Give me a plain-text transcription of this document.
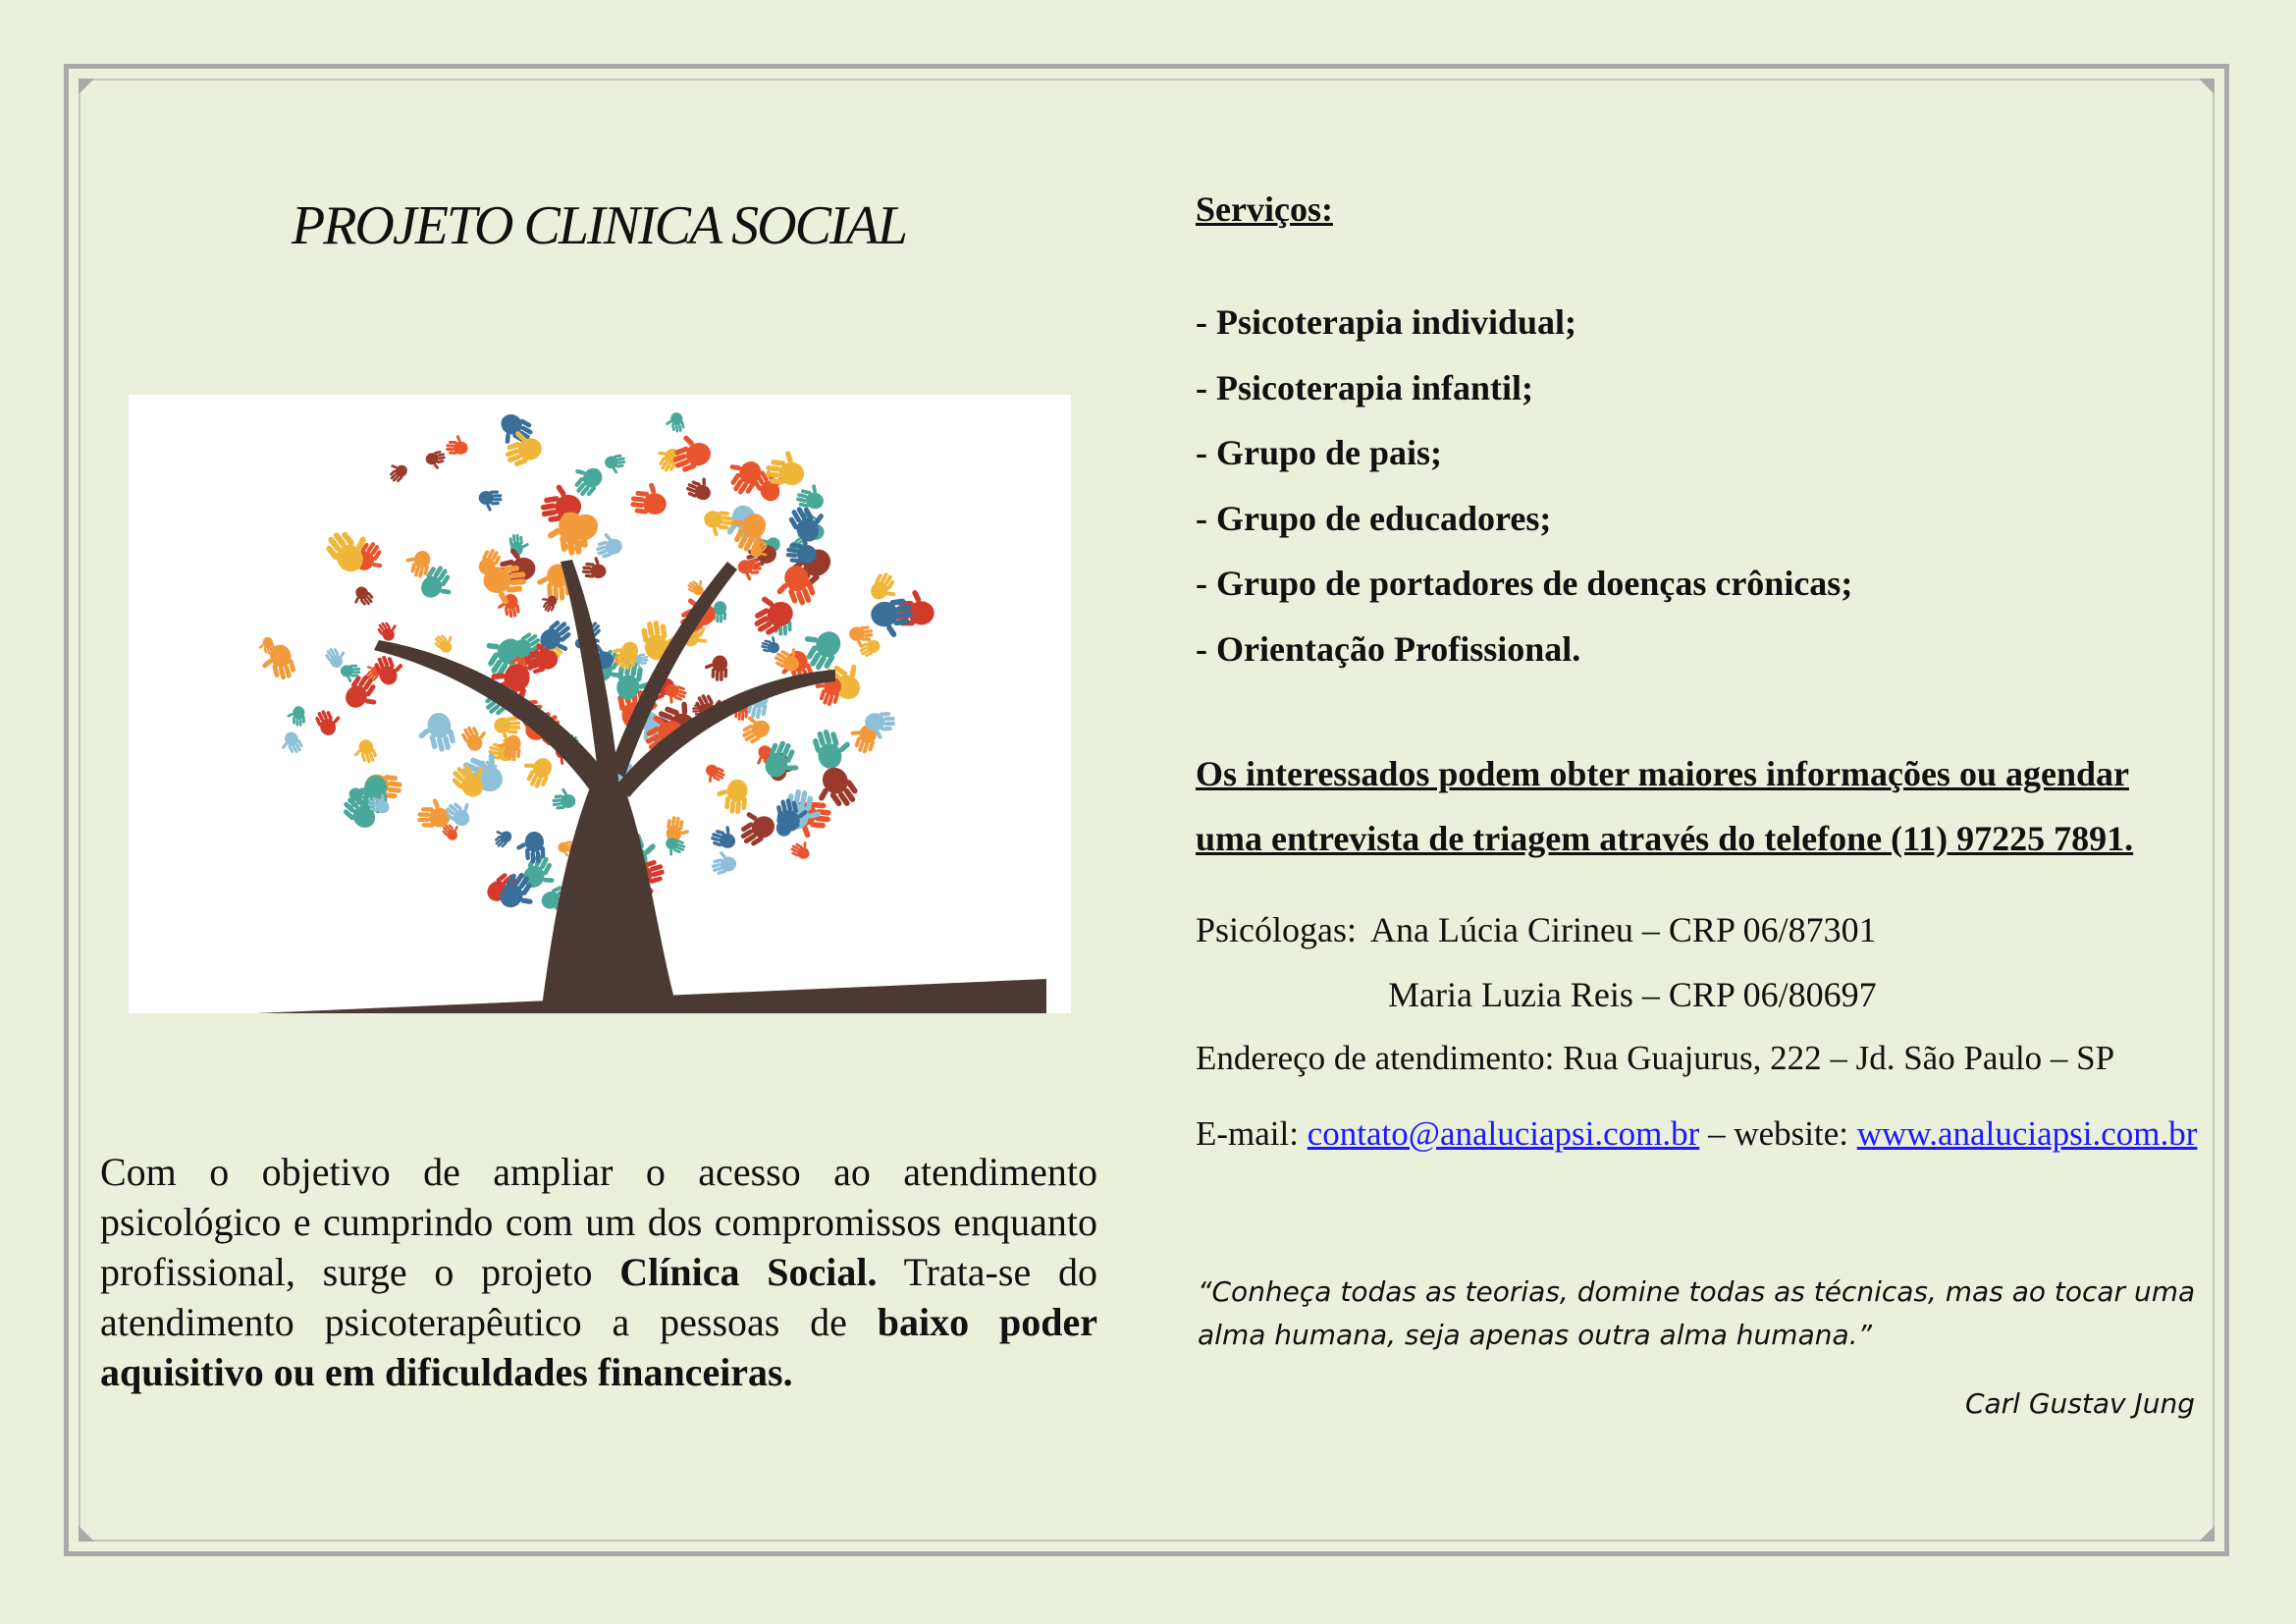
PROJETO CLINICA SOCIAL

Com o objetivo de ampliar o acesso ao atendimento psicológico e cumprindo com um dos compromissos enquanto profissional, surge o projeto Clínica Social. Trata-se do atendimento psicoterapêutico a pessoas de baixo poder aquisitivo ou em dificuldades financeiras.

Serviços:
- Psicoterapia individual;
- Psicoterapia infantil;
- Grupo de pais;
- Grupo de educadores;
- Grupo de portadores de doenças crônicas;
- Orientação Profissional.

Os interessados podem obter maiores informações ou agendar uma entrevista de triagem através do telefone (11) 97225 7891.

Psicólogas: Ana Lúcia Cirineu – CRP 06/87301

Maria Luzia Reis – CRP 06/80697

Endereço de atendimento: Rua Guajurus, 222 – Jd. São Paulo – SP

E-mail: contato@analuciapsi.com.br – website: www.analuciapsi.com.br

“Conheça todas as teorias, domine todas as técnicas, mas ao tocar uma alma humana, seja apenas outra alma humana.”

Carl Gustav Jung
